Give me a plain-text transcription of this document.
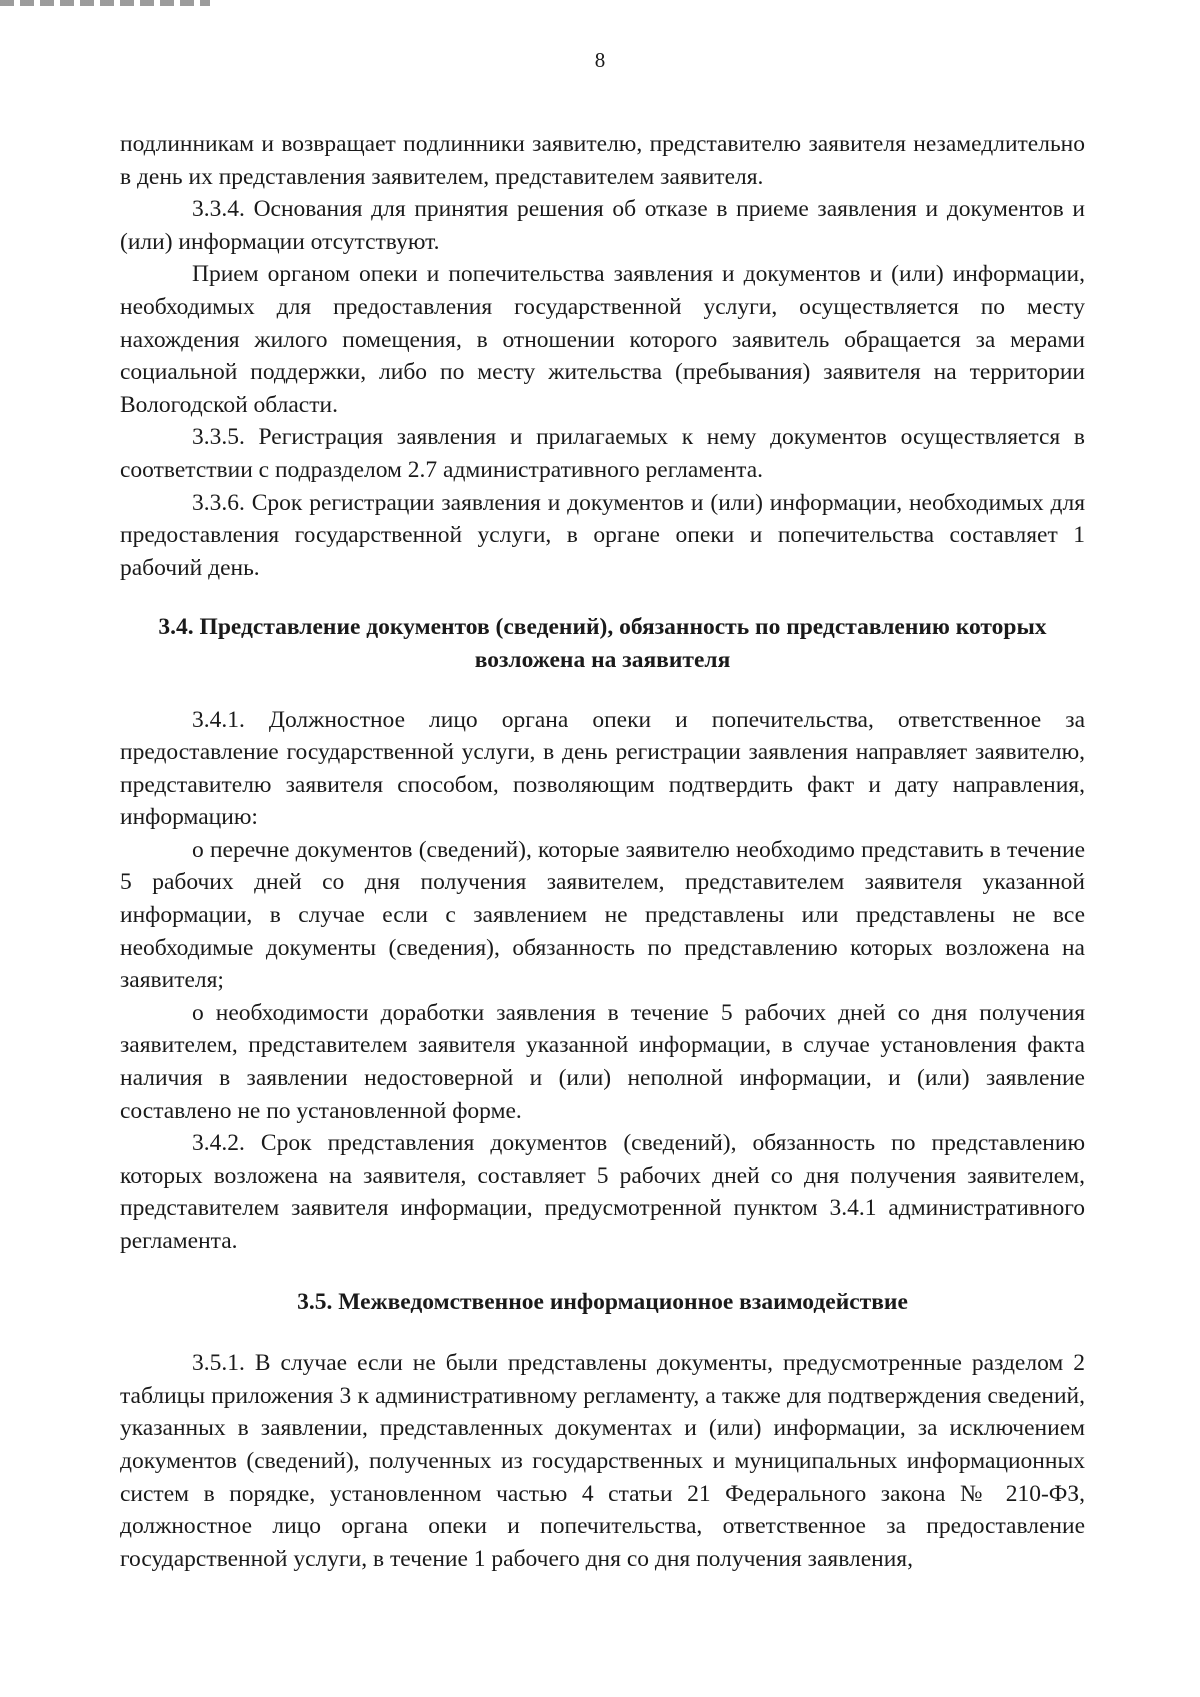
8

подлинникам и возвращает подлинники заявителю, представителю заявителя незамедлительно в день их представления заявителем, представителем заявителя.

3.3.4. Основания для принятия решения об отказе в приеме заявления и документов и (или) информации отсутствуют.

Прием органом опеки и попечительства заявления и документов и (или) информации, необходимых для предоставления государственной услуги, осуществляется по месту нахождения жилого помещения, в отношении которого заявитель обращается за мерами социальной поддержки, либо по месту жительства (пребывания) заявителя на территории Вологодской области.

3.3.5. Регистрация заявления и прилагаемых к нему документов осуществляется в соответствии с подразделом 2.7 административного регламента.

3.3.6. Срок регистрации заявления и документов и (или) информации, необходимых для предоставления государственной услуги, в органе опеки и попечительства составляет 1 рабочий день.

3.4. Представление документов (сведений), обязанность по представлению которых возложена на заявителя

3.4.1. Должностное лицо органа опеки и попечительства, ответственное за предоставление государственной услуги, в день регистрации заявления направляет заявителю, представителю заявителя способом, позволяющим подтвердить факт и дату направления, информацию:

о перечне документов (сведений), которые заявителю необходимо представить в течение 5 рабочих дней со дня получения заявителем, представителем заявителя указанной информации, в случае если с заявлением не представлены или представлены не все необходимые документы (сведения), обязанность по представлению которых возложена на заявителя;

о необходимости доработки заявления в течение 5 рабочих дней со дня получения заявителем, представителем заявителя указанной информации, в случае установления факта наличия в заявлении недостоверной и (или) неполной информации, и (или) заявление составлено не по установленной форме.

3.4.2. Срок представления документов (сведений), обязанность по представлению которых возложена на заявителя, составляет 5 рабочих дней со дня получения заявителем, представителем заявителя информации, предусмотренной пунктом 3.4.1 административного регламента.

3.5. Межведомственное информационное взаимодействие

3.5.1. В случае если не были представлены документы, предусмотренные разделом 2 таблицы приложения 3 к административному регламенту, а также для подтверждения сведений, указанных в заявлении, представленных документах и (или) информации, за исключением документов (сведений), полученных из государственных и муниципальных информационных систем в порядке, установленном частью 4 статьи 21 Федерального закона № 210-ФЗ, должностное лицо органа опеки и попечительства, ответственное за предоставление государственной услуги, в течение 1 рабочего дня со дня получения заявления,
